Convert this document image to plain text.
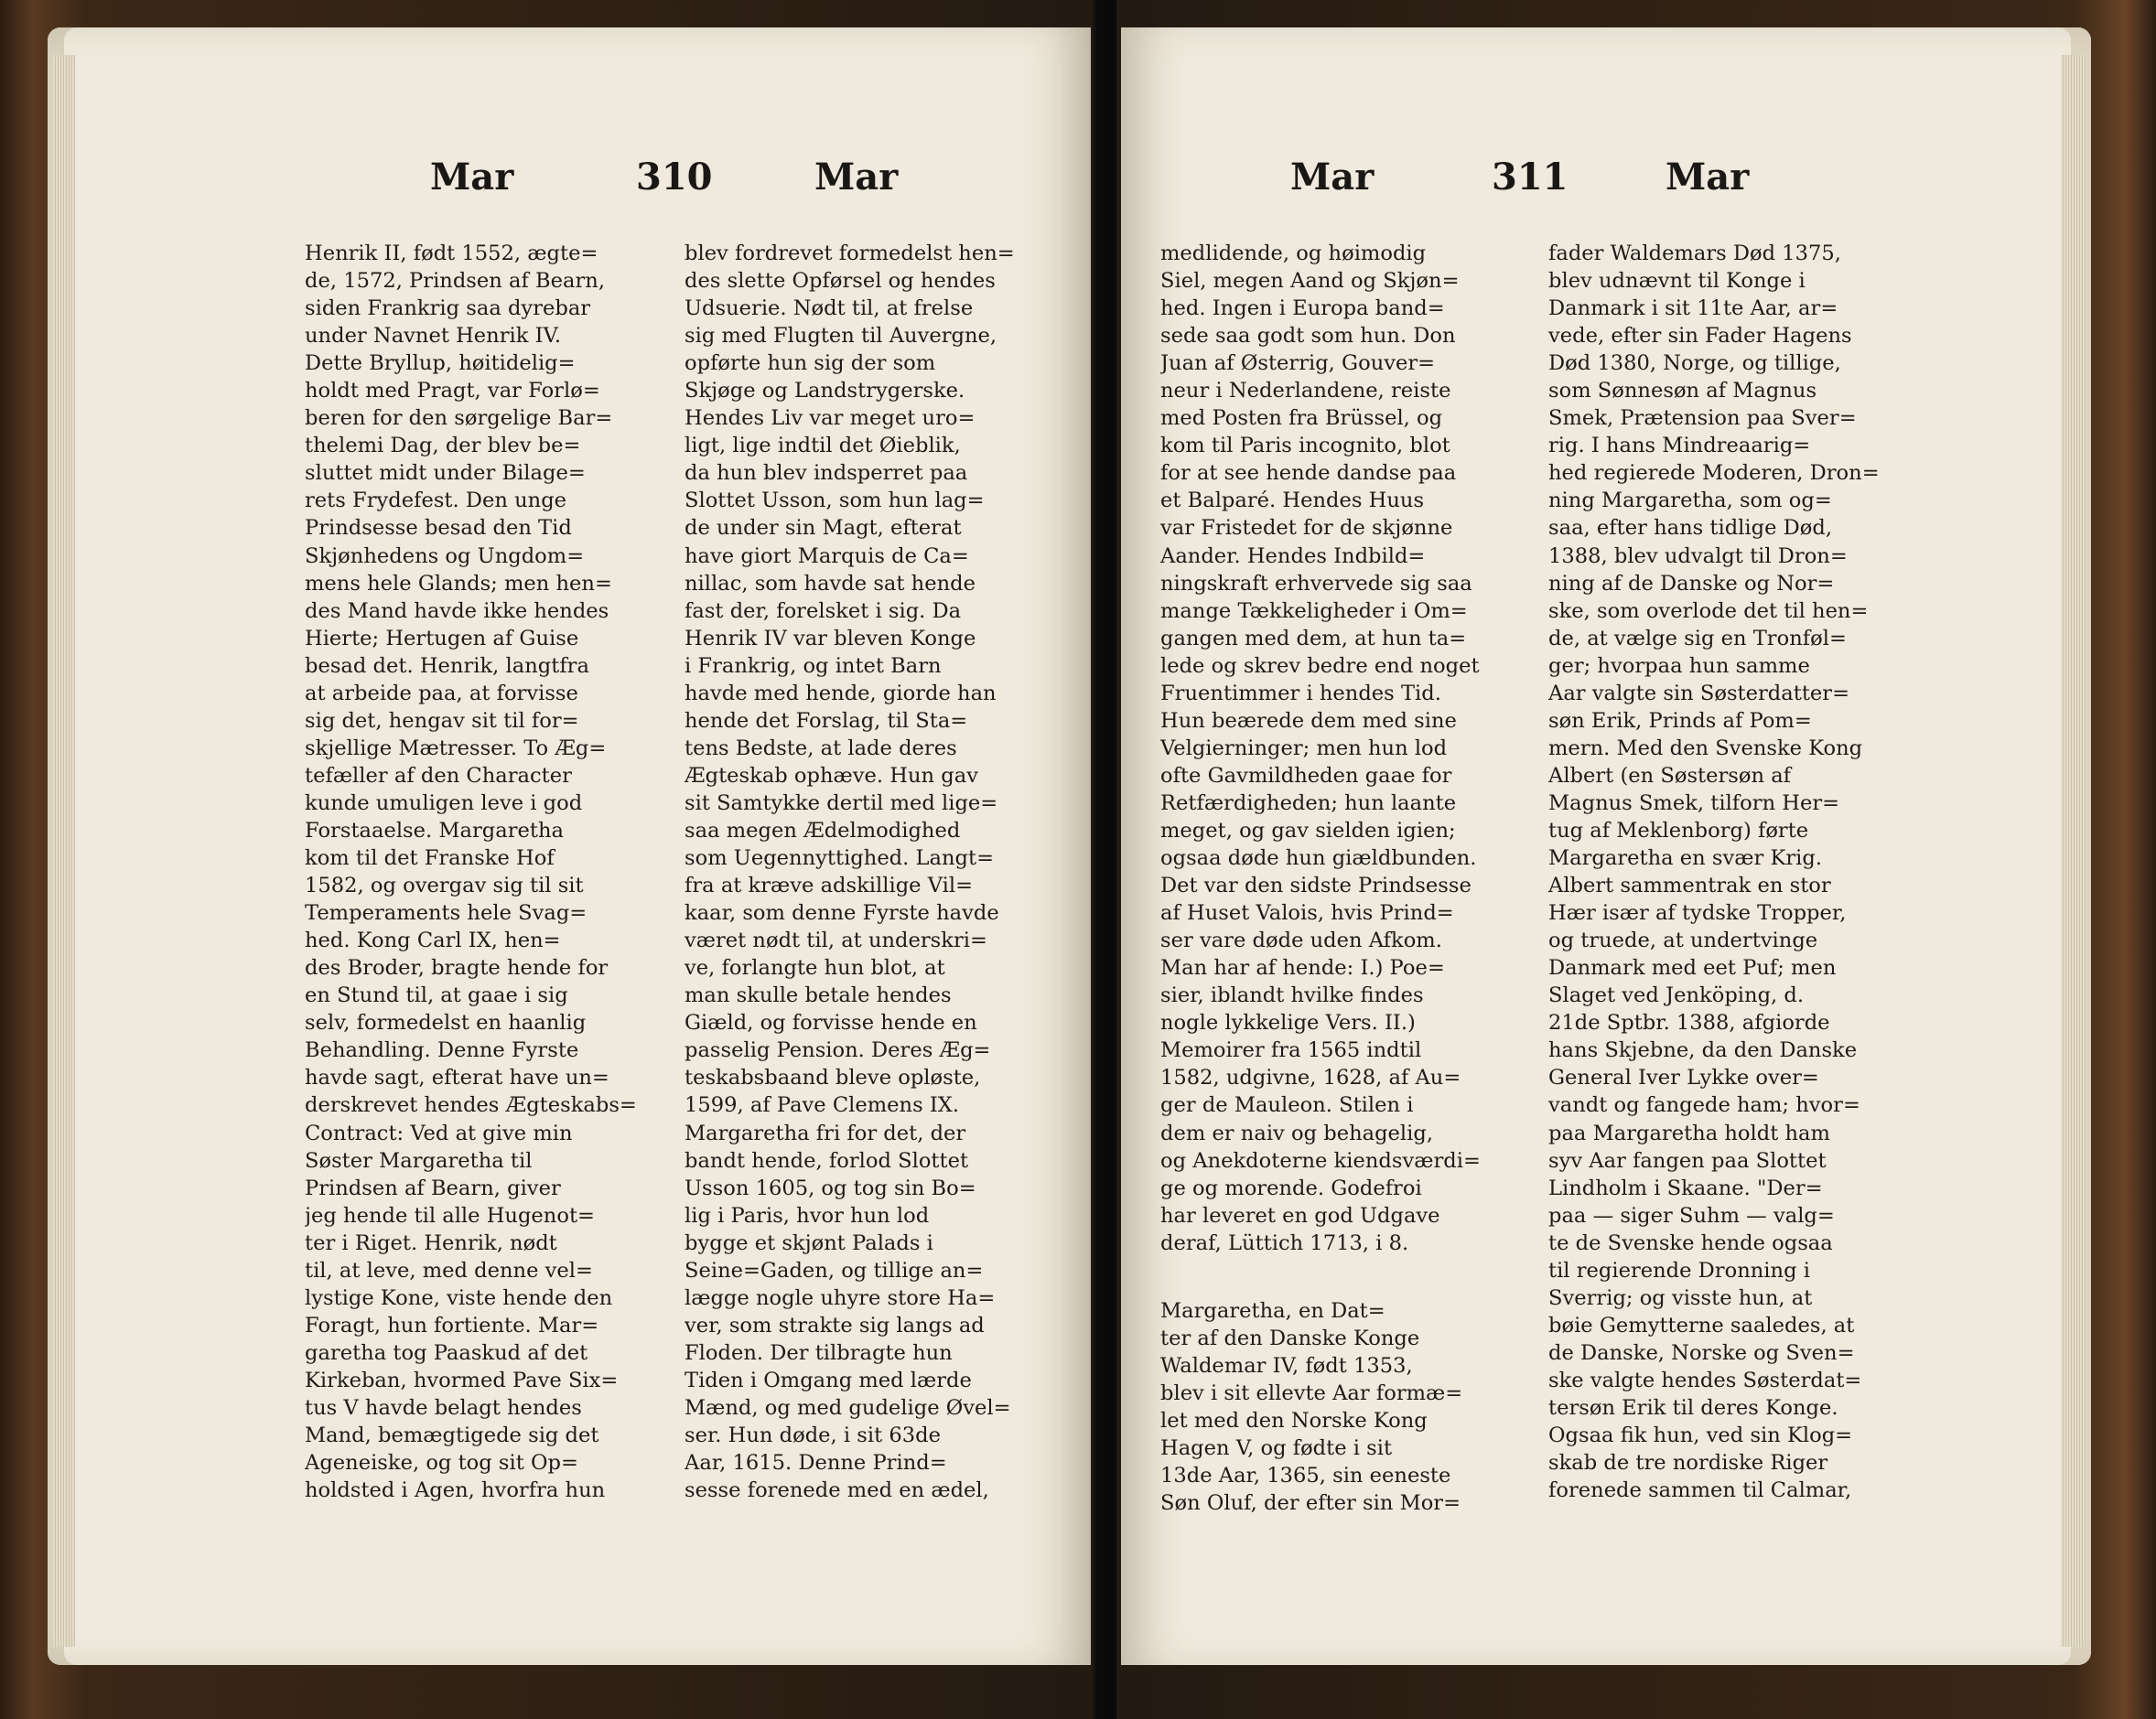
Mar	310	Mar	Mar	311	Mar
Henrik II, født 1552, ægte=
de, 1572, Prindsen af Bearn,
siden Frankrig saa dyrebar
under Navnet Henrik IV.
Dette Bryllup, høitidelig=
holdt med Pragt, var Forlø=
beren for den sørgelige Bar=
thelemi Dag, der blev be=
sluttet midt under Bilage=
rets Frydefest. Den unge
Prindsesse besad den Tid
Skjønhedens og Ungdom=
mens hele Glands; men hen=
des Mand havde ikke hendes
Hierte; Hertugen af Guise
besad det. Henrik, langtfra
at arbeide paa, at forvisse
sig det, hengav sit til for=
skjellige Mætresser. To Æg=
tefæller af den Character
kunde umuligen leve i god
Forstaaelse. Margaretha
kom til det Franske Hof
1582, og overgav sig til sit
Temperaments hele Svag=
hed. Kong Carl IX, hen=
des Broder, bragte hende for
en Stund til, at gaae i sig
selv, formedelst en haanlig
Behandling. Denne Fyrste
havde sagt, efterat have un=
derskrevet hendes Ægteskabs=
Contract: Ved at give min
Søster Margaretha til
Prindsen af Bearn, giver
jeg hende til alle Hugenot=
ter i Riget. Henrik, nødt
til, at leve, med denne vel=
lystige Kone, viste hende den
Foragt, hun fortiente. Mar=
garetha tog Paaskud af det
Kirkeban, hvormed Pave Six=
tus V havde belagt hendes
Mand, bemægtigede sig det
Ageneiske, og tog sit Op=
holdsted i Agen, hvorfra hun
blev fordrevet formedelst hen=
des slette Opførsel og hendes
Udsuerie. Nødt til, at frelse
sig med Flugten til Auvergne,
opførte hun sig der som
Skjøge og Landstrygerske.
Hendes Liv var meget uro=
ligt, lige indtil det Øieblik,
da hun blev indsperret paa
Slottet Usson, som hun lag=
de under sin Magt, efterat
have giort Marquis de Ca=
nillac, som havde sat hende
fast der, forelsket i sig. Da
Henrik IV var bleven Konge
i Frankrig, og intet Barn
havde med hende, giorde han
hende det Forslag, til Sta=
tens Bedste, at lade deres
Ægteskab ophæve. Hun gav
sit Samtykke dertil med lige=
saa megen Ædelmodighed
som Uegennyttighed. Langt=
fra at kræve adskillige Vil=
kaar, som denne Fyrste havde
været nødt til, at underskri=
ve, forlangte hun blot, at
man skulle betale hendes
Giæld, og forvisse hende en
passelig Pension. Deres Æg=
teskabsbaand bleve opløste,
1599, af Pave Clemens IX.
Margaretha fri for det, der
bandt hende, forlod Slottet
Usson 1605, og tog sin Bo=
lig i Paris, hvor hun lod
bygge et skjønt Palads i
Seine=Gaden, og tillige an=
lægge nogle uhyre store Ha=
ver, som strakte sig langs ad
Floden. Der tilbragte hun
Tiden i Omgang med lærde
Mænd, og med gudelige Øvel=
ser. Hun døde, i sit 63de
Aar, 1615. Denne Prind=
sesse forenede med en ædel,
medlidende, og høimodig
Siel, megen Aand og Skjøn=
hed. Ingen i Europa band=
sede saa godt som hun. Don
Juan af Østerrig, Gouver=
neur i Nederlandene, reiste
med Posten fra Brüssel, og
kom til Paris incognito, blot
for at see hende dandse paa
et Balparé. Hendes Huus
var Fristedet for de skjønne
Aander. Hendes Indbild=
ningskraft erhvervede sig saa
mange Tækkeligheder i Om=
gangen med dem, at hun ta=
lede og skrev bedre end noget
Fruentimmer i hendes Tid.
Hun beærede dem med sine
Velgierninger; men hun lod
ofte Gavmildheden gaae for
Retfærdigheden; hun laante
meget, og gav sielden igien;
ogsaa døde hun giældbunden.
Det var den sidste Prindsesse
af Huset Valois, hvis Prind=
ser vare døde uden Afkom.
Man har af hende: I.) Poe=
sier, iblandt hvilke findes
nogle lykkelige Vers. II.)
Memoirer fra 1565 indtil
1582, udgivne, 1628, af Au=
ger de Mauleon. Stilen i
dem er naiv og behagelig,
og Anekdoterne kiendsværdi=
ge og morende. Godefroi
har leveret en god Udgave
deraf, Lüttich 1713, i 8.
Margaretha, en Dat=
ter af den Danske Konge
Waldemar IV, født 1353,
blev i sit ellevte Aar formæ=
let med den Norske Kong
Hagen V, og fødte i sit
13de Aar, 1365, sin eeneste
Søn Oluf, der efter sin Mor=
fader Waldemars Død 1375,
blev udnævnt til Konge i
Danmark i sit 11te Aar, ar=
vede, efter sin Fader Hagens
Død 1380, Norge, og tillige,
som Sønnesøn af Magnus
Smek, Prætension paa Sver=
rig. I hans Mindreaarig=
hed regierede Moderen, Dron=
ning Margaretha, som og=
saa, efter hans tidlige Død,
1388, blev udvalgt til Dron=
ning af de Danske og Nor=
ske, som overlode det til hen=
de, at vælge sig en Tronføl=
ger; hvorpaa hun samme
Aar valgte sin Søsterdatter=
søn Erik, Prinds af Pom=
mern. Med den Svenske Kong
Albert (en Søstersøn af
Magnus Smek, tilforn Her=
tug af Meklenborg) førte
Margaretha en svær Krig.
Albert sammentrak en stor
Hær især af tydske Tropper,
og truede, at undertvinge
Danmark med eet Puf; men
Slaget ved Jenköping, d.
21de Sptbr. 1388, afgiorde
hans Skjebne, da den Danske
General Iver Lykke over=
vandt og fangede ham; hvor=
paa Margaretha holdt ham
syv Aar fangen paa Slottet
Lindholm i Skaane. "Der=
paa — siger Suhm — valg=
te de Svenske hende ogsaa
til regierende Dronning i
Sverrig; og visste hun, at
bøie Gemytterne saaledes, at
de Danske, Norske og Sven=
ske valgte hendes Søsterdat=
tersøn Erik til deres Konge.
Ogsaa fik hun, ved sin Klog=
skab de tre nordiske Riger
forenede sammen til Calmar,
